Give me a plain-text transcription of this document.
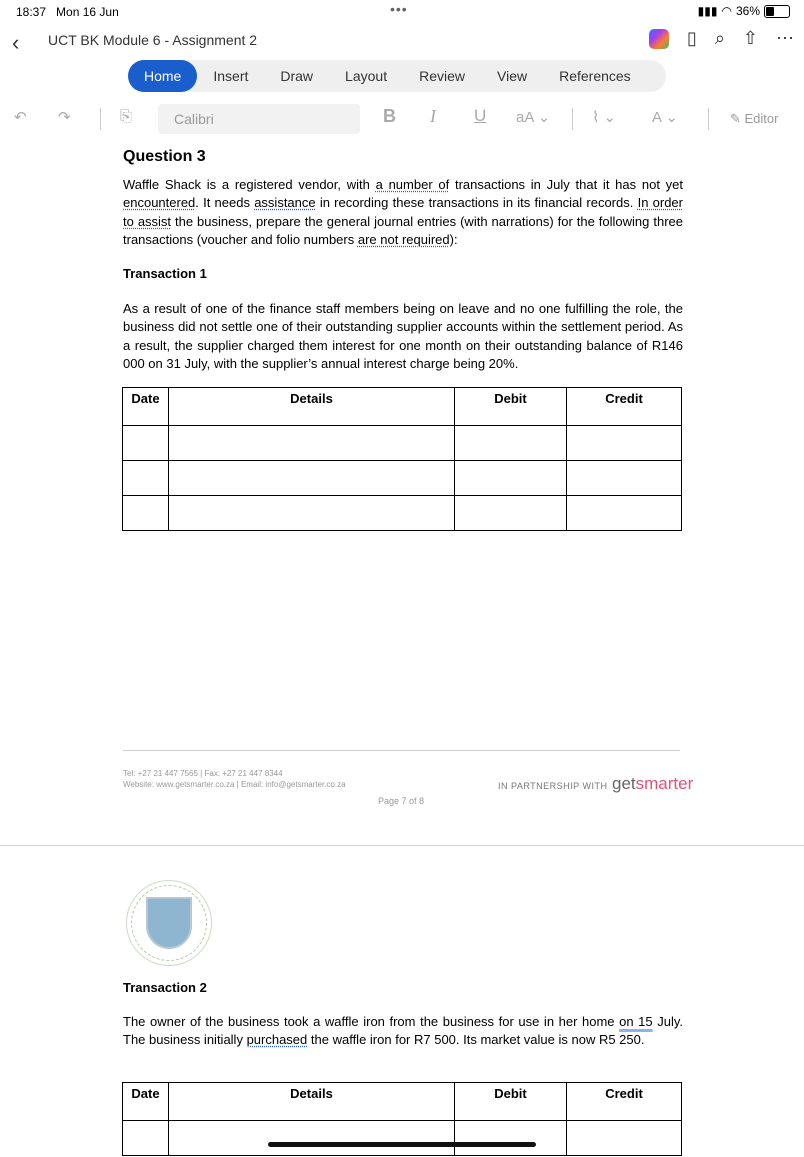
18:37 Mon 16 Jun	•••	▮▮▮ ◠ 36%
‹ UCT BK Module 6 - Assignment 2	▯ ⌕ ⇧ ⋯
Home	Insert	Draw	Layout	Review	View	References
↶ ↷	⎘	Calibri	B I U aA ⌄	⌇ ⌄ A ⌄	✎ Editor
Question 3

Waffle Shack is a registered vendor, with a number of transactions in July that it has not yet encountered. It needs assistance in recording these transactions in its financial records. In order to assist the business, prepare the general journal entries (with narrations) for the following three transactions (voucher and folio numbers are not required):

Transaction 1

As a result of one of the finance staff members being on leave and no one fulfilling the role, the business did not settle one of their outstanding supplier accounts within the settlement period. As a result, the supplier charged them interest for one month on their outstanding balance of R146 000 on 31 July, with the supplier’s annual interest charge being 20%.

Date	Details	Debit	Credit

Tel: +27 21 447 7565 | Fax: +27 21 447 8344
Website: www.getsmarter.co.za | Email: info@getsmarter.co.za
Page 7 of 8
IN PARTNERSHIP WITH getsmarter
Transaction 2

The owner of the business took a waffle iron from the business for use in her home on 15 July. The business initially purchased the waffle iron for R7 500. Its market value is now R5 250.

Date	Details	Debit	Credit
